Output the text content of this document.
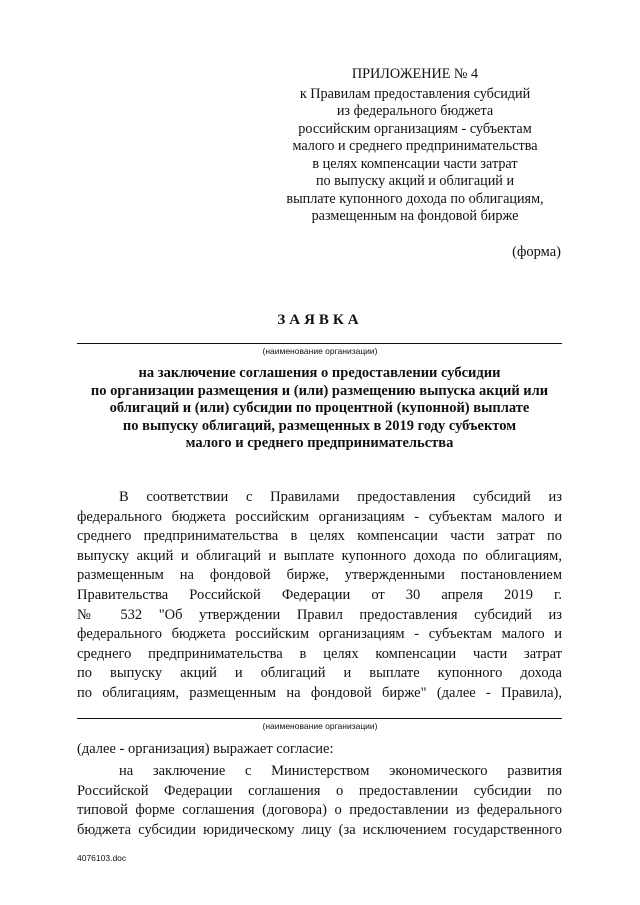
ПРИЛОЖЕНИЕ № 4
к Правилам предоставления субсидий
из федерального бюджета
российским организациям - субъектам
малого и среднего предпринимательства
в целях компенсации части затрат
по выпуску акций и облигаций и
выплате купонного дохода по облигациям,
размещенным на фондовой бирже
(форма)
ЗАЯВКА
(наименование организации)
на заключение соглашения о предоставлении субсидии
по организации размещения и (или) размещению выпуска акций или
облигаций и (или) субсидии по процентной (купонной) выплате
по выпуску облигаций, размещенных в 2019 году субъектом
малого и среднего предпринимательства
В соответствии с Правилами предоставления субсидий из
федерального бюджета российским организациям - субъектам малого и
среднего предпринимательства в целях компенсации части затрат по
выпуску акций и облигаций и выплате купонного дохода по облигациям,
размещенным на фондовой бирже, утвержденными постановлением
Правительства Российской Федерации от 30 апреля 2019 г.
№ 532 "Об утверждении Правил предоставления субсидий из
федерального бюджета российским организациям - субъектам малого и
среднего предпринимательства в целях компенсации части затрат
по выпуску акций и облигаций и выплате купонного дохода
по облигациям, размещенным на фондовой бирже" (далее - Правила),
(наименование организации)
(далее - организация) выражает согласие:
на заключение с Министерством экономического развития
Российской Федерации соглашения о предоставлении субсидии по
типовой форме соглашения (договора) о предоставлении из федерального
бюджета субсидии юридическому лицу (за исключением государственного
4076103.doc
